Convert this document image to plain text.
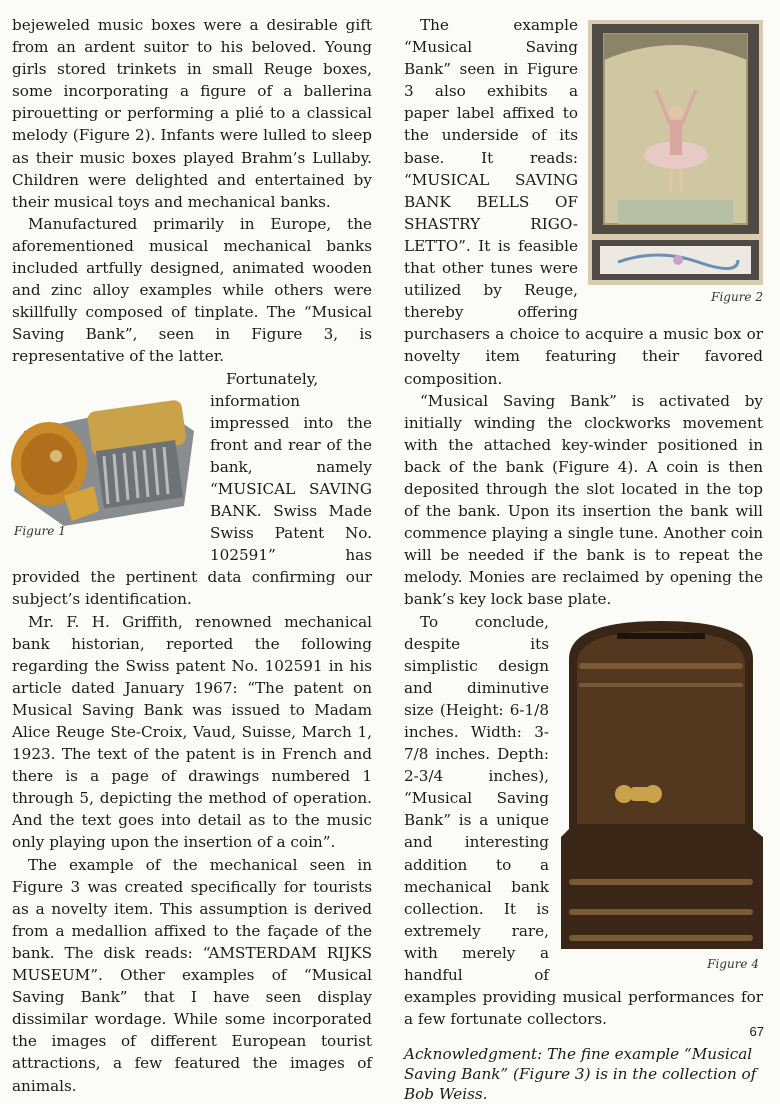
bejeweled music boxes were a desirable gift from an ardent suitor to his beloved. Young girls stored trinkets in small Reuge boxes, some incorporating a figure of a ballerina pirouetting or performing a plié to a classical melody (Figure 2). Infants were lulled to sleep as their music boxes played Brahm’s Lullaby. Children were delighted and entertained by their musical toys and mechanical banks.

Manufactured primarily in Europe, the aforementioned musical mechanical banks included artfully designed, animated wooden and zinc alloy examples while others were skillfully composed of tinplate. The “Musical Saving Bank”, seen in Figure 3, is representative of the latter.

Figure 1

Fortunately, information impressed into the front and rear of the bank, namely “MUSICAL SAVING BANK. Swiss Made Swiss Patent No. 102591” has provided the pertinent data confirming our subject’s identification.

Mr. F. H. Griffith, renowned mechanical bank historian, reported the following regarding the Swiss patent No. 102591 in his article dated January 1967: “The patent on Musical Saving Bank was issued to Madam Alice Reuge Ste-Croix, Vaud, Suisse, March 1, 1923. The text of the patent is in French and there is a page of drawings numbered 1 through 5, depicting the method of operation. And the text goes into detail as to the music only playing upon the insertion of a coin”.

The example of the mechanical seen in Figure 3 was created specifically for tourists as a novelty item. This assumption is derived from a medallion affixed to the façade of the bank. The disk reads: “AMSTERDAM RIJKS MUSEUM”. Other examples of “Musical Saving Bank” that I have seen display dissimilar wordage. While some incorporated the images of different European tourist attractions, a few featured the images of animals.

Figure 2

The example “Musical Saving Bank” seen in Figure 3 also exhibits a paper label affixed to the underside of its base. It reads: “MUSICAL SAVING BANK BELLS OF SHASTRY RIGO-LETTO”. It is feasible that other tunes were utilized by Reuge, thereby offering purchasers a choice to acquire a music box or novelty item featuring their favored composition.

“Musical Saving Bank” is activated by initially winding the clockworks movement with the attached key-winder positioned in back of the bank (Figure 4). A coin is then deposited through the slot located in the top of the bank. Upon its insertion the bank will commence playing a single tune. Another coin will be needed if the bank is to repeat the melody. Monies are reclaimed by opening the bank’s key lock base plate.

Figure 4

To conclude, despite its simplistic design and diminutive size (Height: 6-1/8 inches. Width: 3-7/8 inches. Depth: 2-3/4 inches), “Musical Saving Bank” is a unique and interesting addition to a mechanical bank collection. It is extremely rare, with merely a handful of examples providing musical performances for a few fortunate collectors.

Acknowledgment: The fine example “Musical Saving Bank” (Figure 3) is in the collection of Bob Weiss.

67
